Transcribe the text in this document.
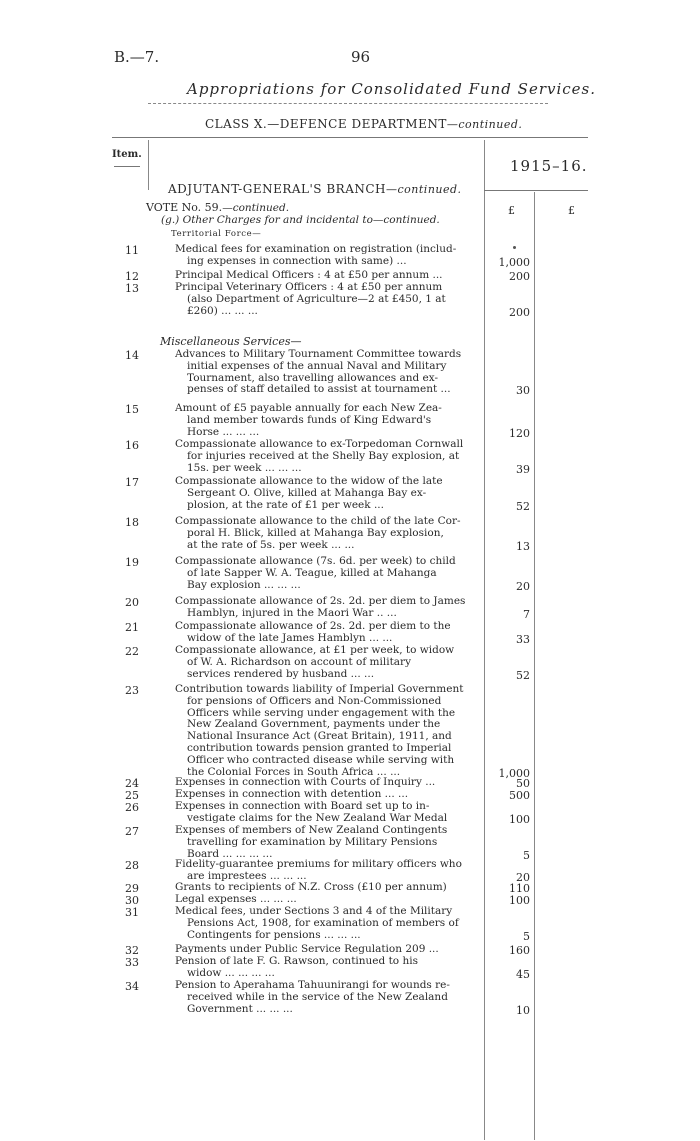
B.—7.	96
Appropriations for Consolidated Fund Services.
CLASS X.—DEFENCE DEPARTMENT—continued.
Item.
1915–16.
ADJUTANT-GENERAL'S BRANCH—continued.
VOTE No. 59.—continued.
(g.) Other Charges for and incidental to—continued.
£	£
Territorial Force—
Miscellaneous Services—
11	Medical fees for examination on registration (includ-
ing expenses in connection with same) ...	1,000
12	Principal Medical Officers : 4 at £50 per annum ...	200
13	Principal Veterinary Officers : 4 at £50 per annum
(also Department of Agriculture—2 at £450, 1 at
£260) ... ... ...	200
14	Advances to Military Tournament Committee towards
initial expenses of the annual Naval and Military
Tournament, also travelling allowances and ex-
penses of staff detailed to assist at tournament ...	30
15	Amount of £5 payable annually for each New Zea-
land member towards funds of King Edward's
Horse ... ... ...	120
16	Compassionate allowance to ex-Torpedoman Cornwall
for injuries received at the Shelly Bay explosion, at
15s. per week ... ... ...	39
17	Compassionate allowance to the widow of the late
Sergeant O. Olive, killed at Mahanga Bay ex-
plosion, at the rate of £1 per week ...	52
18	Compassionate allowance to the child of the late Cor-
poral H. Blick, killed at Mahanga Bay explosion,
at the rate of 5s. per week ... ...	13
19	Compassionate allowance (7s. 6d. per week) to child
of late Sapper W. A. Teague, killed at Mahanga
Bay explosion ... ... ...	20
20	Compassionate allowance of 2s. 2d. per diem to James
Hamblyn, injured in the Maori War .. ...	7
21	Compassionate allowance of 2s. 2d. per diem to the
widow of the late James Hamblyn ... ...	33
22	Compassionate allowance, at £1 per week, to widow
of W. A. Richardson on account of military
services rendered by husband ... ...	52
23	Contribution towards liability of Imperial Government
for pensions of Officers and Non-Commissioned
Officers while serving under engagement with the
New Zealand Government, payments under the
National Insurance Act (Great Britain), 1911, and
contribution towards pension granted to Imperial
Officer who contracted disease while serving with
the Colonial Forces in South Africa ... ...	1,000
24	Expenses in connection with Courts of Inquiry ...	50
25	Expenses in connection with detention ... ...	500
26	Expenses in connection with Board set up to in-
vestigate claims for the New Zealand War Medal	100
27	Expenses of members of New Zealand Contingents
travelling for examination by Military Pensions
Board ... ... ... ...	5
28	Fidelity-guarantee premiums for military officers who
are imprestees ... ... ...	20
29	Grants to recipients of N.Z. Cross (£10 per annum)	110
30	Legal expenses ... ... ...	100
31	Medical fees, under Sections 3 and 4 of the Military
Pensions Act, 1908, for examination of members of
Contingents for pensions ... ... ...	5
32	Payments under Public Service Regulation 209 ...	160
33	Pension of late F. G. Rawson, continued to his
widow ... ... ... ...	45
34	Pension to Aperahama Tahuunirangi for wounds re-
received while in the service of the New Zealand
Government ... ... ...	10
